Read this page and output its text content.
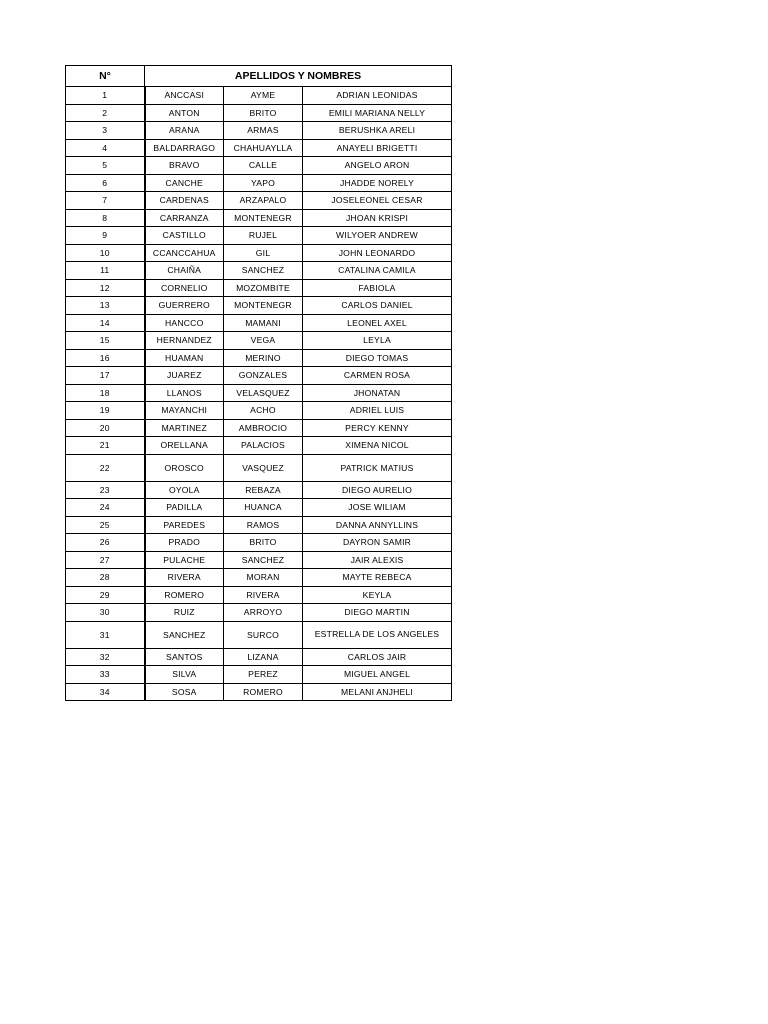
N°	APELLIDOS Y NOMBRES		
1	ANCCASI	AYME	ADRIAN LEONIDAS
2	ANTON	BRITO	EMILI MARIANA NELLY
3	ARANA	ARMAS	BERUSHKA ARELI
4	BALDARRAGO	CHAHUAYLLA	ANAYELI BRIGETTI
5	BRAVO	CALLE	ANGELO ARON
6	CANCHE	YAPO	JHADDE NORELY
7	CARDENAS	ARZAPALO	JOSELEONEL CESAR
8	CARRANZA	MONTENEGR	JHOAN KRISPI
9	CASTILLO	RUJEL	WILYOER ANDREW
10	CCANCCAHUA	GIL	JOHN LEONARDO
11	CHAIÑA	SANCHEZ	CATALINA CAMILA
12	CORNELIO	MOZOMBITE	FABIOLA
13	GUERRERO	MONTENEGR	CARLOS DANIEL
14	HANCCO	MAMANI	LEONEL AXEL
15	HERNANDEZ	VEGA	LEYLA
16	HUAMAN	MERINO	DIEGO TOMAS
17	JUAREZ	GONZALES	CARMEN ROSA
18	LLANOS	VELASQUEZ	JHONATAN
19	MAYANCHI	ACHO	ADRIEL LUIS
20	MARTINEZ	AMBROCIO	PERCY KENNY
21	ORELLANA	PALACIOS	XIMENA NICOL
22	OROSCO	VASQUEZ	PATRICK MATIUS
23	OYOLA	REBAZA	DIEGO AURELIO
24	PADILLA	HUANCA	JOSE WILIAM
25	PAREDES	RAMOS	DANNA ANNYLLINS
26	PRADO	BRITO	DAYRON SAMIR
27	PULACHE	SANCHEZ	JAIR ALEXIS
28	RIVERA	MORAN	MAYTE REBECA
29	ROMERO	RIVERA	KEYLA
30	RUIZ	ARROYO	DIEGO MARTIN
31	SANCHEZ	SURCO	ESTRELLA DE LOS ANGELES
32	SANTOS	LIZANA	CARLOS JAIR
33	SILVA	PEREZ	MIGUEL ANGEL
34	SOSA	ROMERO	MELANI ANJHELI
